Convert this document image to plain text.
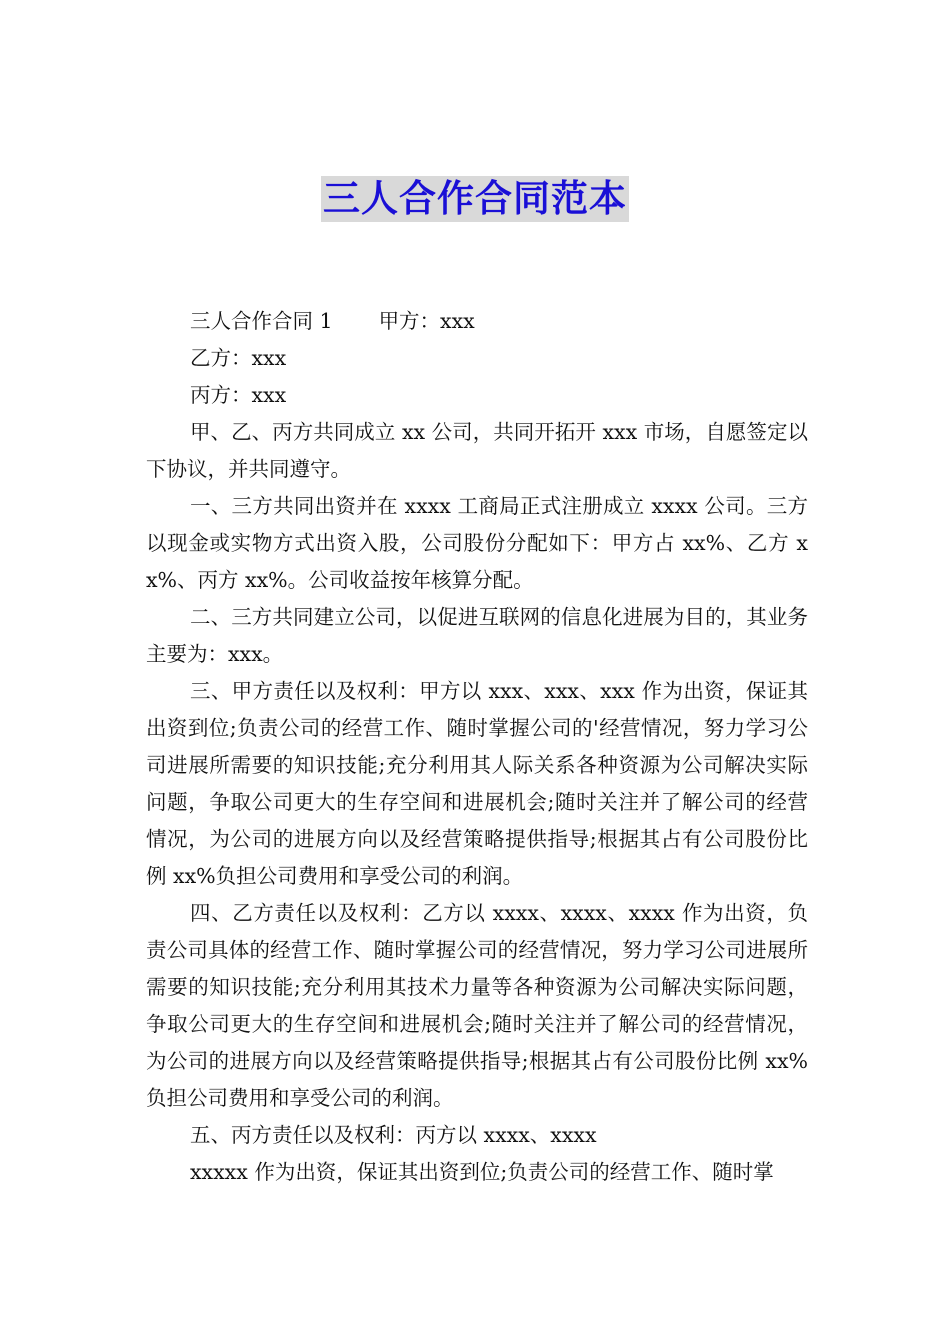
三人合作合同范本

三人合作合同 1 甲方：xxx

乙方：xxx

丙方：xxx

甲、乙、丙方共同成立 xx 公司，共同开拓开 xxx 市场，自愿签定以下协议，并共同遵守。

一、三方共同出资并在 xxxx 工商局正式注册成立 xxxx 公司。三方以现金或实物方式出资入股，公司股份分配如下：甲方占 xx%、乙方 xx%、丙方 xx%。公司收益按年核算分配。

二、三方共同建立公司，以促进互联网的信息化进展为目的，其业务主要为：xxx。

三、甲方责任以及权利：甲方以 xxx、xxx、xxx 作为出资，保证其出资到位;负责公司的经营工作、随时掌握公司的'经营情况，努力学习公司进展所需要的知识技能;充分利用其人际关系各种资源为公司解决实际问题，争取公司更大的生存空间和进展机会;随时关注并了解公司的经营情况，为公司的进展方向以及经营策略提供指导;根据其占有公司股份比例 xx%负担公司费用和享受公司的利润。

四、乙方责任以及权利：乙方以 xxxx、xxxx、xxxx 作为出资，负责公司具体的经营工作、随时掌握公司的经营情况，努力学习公司进展所需要的知识技能;充分利用其技术力量等各种资源为公司解决实际问题，争取公司更大的生存空间和进展机会;随时关注并了解公司的经营情况，为公司的进展方向以及经营策略提供指导;根据其占有公司股份比例 xx%负担公司费用和享受公司的利润。

五、丙方责任以及权利：丙方以 xxxx、xxxx

xxxxx 作为出资，保证其出资到位;负责公司的经营工作、随时掌
